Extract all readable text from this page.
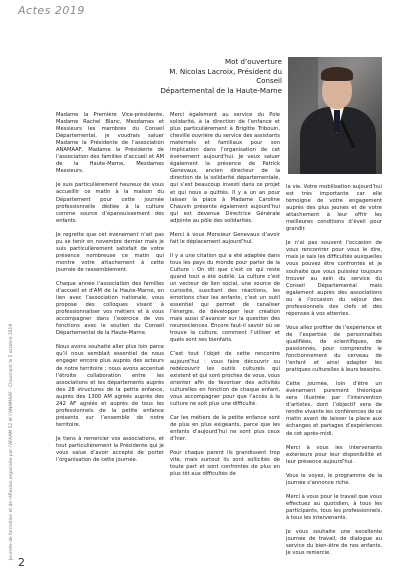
Actes 2019
Journée de formation et de réflexion organisée par l’AFAAM 52 et l’ANAMAAF - Chaumont le 5 octobre 2019
2
Mot d’ouverture
M. Nicolas Lacroix, Président du Conseil
Départemental de la Haute-Marne

Madame la Première Vice-présidente, Madame Rachel Blanc, Mesdames et Messieurs les membres du Conseil Départemental, je voudrais saluer Madame la Présidente de l’association ANAMAAF, Madame la Présidente de l’association des familles d’accueil et AM de la Haute-Marne, Mesdames Messieurs.

Je suis particulièrement heureux de vous accueillir ce matin à la maison du Département pour cette journée professionnelle dédiée à la culture comme source d’épanouissement des enfants.

Je regrette que cet événement n’ait pas pu se tenir en novembre dernier mais je suis particulièrement satisfait de votre présence nombreuse ce matin qui montre votre attachement à cette journée de rassemblement.

Chaque année l’association des familles d’accueil et d’AM de la Haute-Marne, en lien avec l’association nationale, vous propose des colloques visant à professionnaliser vos métiers et à vous accompagner dans l’exercice de vos fonctions avec le soutien du Conseil Départemental de la Haute-Marne.

Nous avons souhaité aller plus loin parce qu’il nous semblait essentiel de nous engager encore plus auprès des acteurs de notre territoire ; nous avons accentué l’étroite collaboration entre les associations et les départements auprès des 28 structures de la petite enfance, auprès des 1300 AM agréés auprès des 242 AF agréés et auprès de tous les professionnels de la petite enfance présents sur l’ensemble de notre territoire.

Je tiens à remercier vos associations, et tout particulièrement la Présidente qui je vous salue d’avoir accepté de porter l’organisation de cette journée.

Merci également au service du Pole solidarité, à la direction de l’enfance et plus particulièrement à Brigitte Tribouin, cheville ouvrière du service des assistants maternels et familiaux pour son implication dans l’organisation de cet événement aujourd’hui. Je veux saluer également la présence de Patrick Genevaux, ancien directeur de la direction de la solidarité départementale, qui s’est beaucoup investi dans ce projet et qui nous a quittés. Il y a un an pour laisser la place à Madame Caroline Chauvin présente également aujourd’hui qui est devenue Directrice Générale adjointe au pôle des solidarités.

Merci à vous Monsieur Genevaux d’avoir fait le déplacement aujourd’hui.

Il y a une citation qui a été adaptée dans tous les pays du monde pour parler de la Culture : On dit que c’est ce qui reste quand tout a été oublié. La culture c’est un vecteur de lien social, une source de curiosité, suscitant des réactions, les émotions chez les enfants, c’est un outil essentiel qui permet de canaliser l’énergie, de développer leur création mais aussi d’avancer sur la question des neurosciences. Encore faut-il savoir où se trouve la culture, comment l’utiliser et quels sont ses bienfaits.

C’est tout l’objet de cette rencontre aujourd’hui : vous faire découvrir ou redécouvrir les outils culturels qui existent et qui sont proches de vous, vous orienter afin de favoriser des activités culturelles en fonction de chaque enfant, vous accompagner pour que l’accès à la culture ne soit plus une difficulté.

Car les métiers de la petite enfance sont de plus en plus exigeants, parce que les enfants d’aujourd’hui ne sont plus ceux d’hier.

Pour chaque parent ils grandissent trop vite, mais surtout ils sont sollicités de toute part et sont confrontés de plus en plus tôt aux difficultés de

la vie. Votre mobilisation aujourd’hui est très importante car elle témoigne de votre engagement auprès des plus jeunes et de votre attachement à leur offrir les meilleures conditions d’éveil pour grandir.

Je n’ai pas souvent l’occasion de vous rencontrer pour vous le dire, mais je sais les difficultés auxquelles vous pouvez être confrontés et je souhaite que vous puissiez toujours trouver au sein du service du Conseil Départemental mais également auprès des associations ou à l’occasion du séjour des professionnels des clefs et des réponses à vos attentes.

Vous allez profiter de l’expérience et de l’expertise de personnalités qualifiées, de scientifiques, de passionnés, pour comprendre le fonctionnement du cerveau de l’enfant et ainsi adapter les pratiques culturelles à leurs besoins.

Cette journée, loin d’être un évènement purement théorique sera illustrée par l’intervention d’artistes, dont l’objectif sera de rendre vivante les conférences de ce matin avant de laisser la place aux échanges et partages d’expériences de cet après-midi.

Merci à vous les intervenants extérieurs pour leur disponibilité et leur présence aujourd’hui.

Vous le voyez, le programme de la journée s’annonce riche.

Merci à vous pour le travail que vous effectuez au quotidien, à tous les participants, tous les professionnels, à tous les intervenants.

Je vous souhaite une excellente journée de travail, de dialogue au service du bien-être de nos enfants. Je vous remercie.
